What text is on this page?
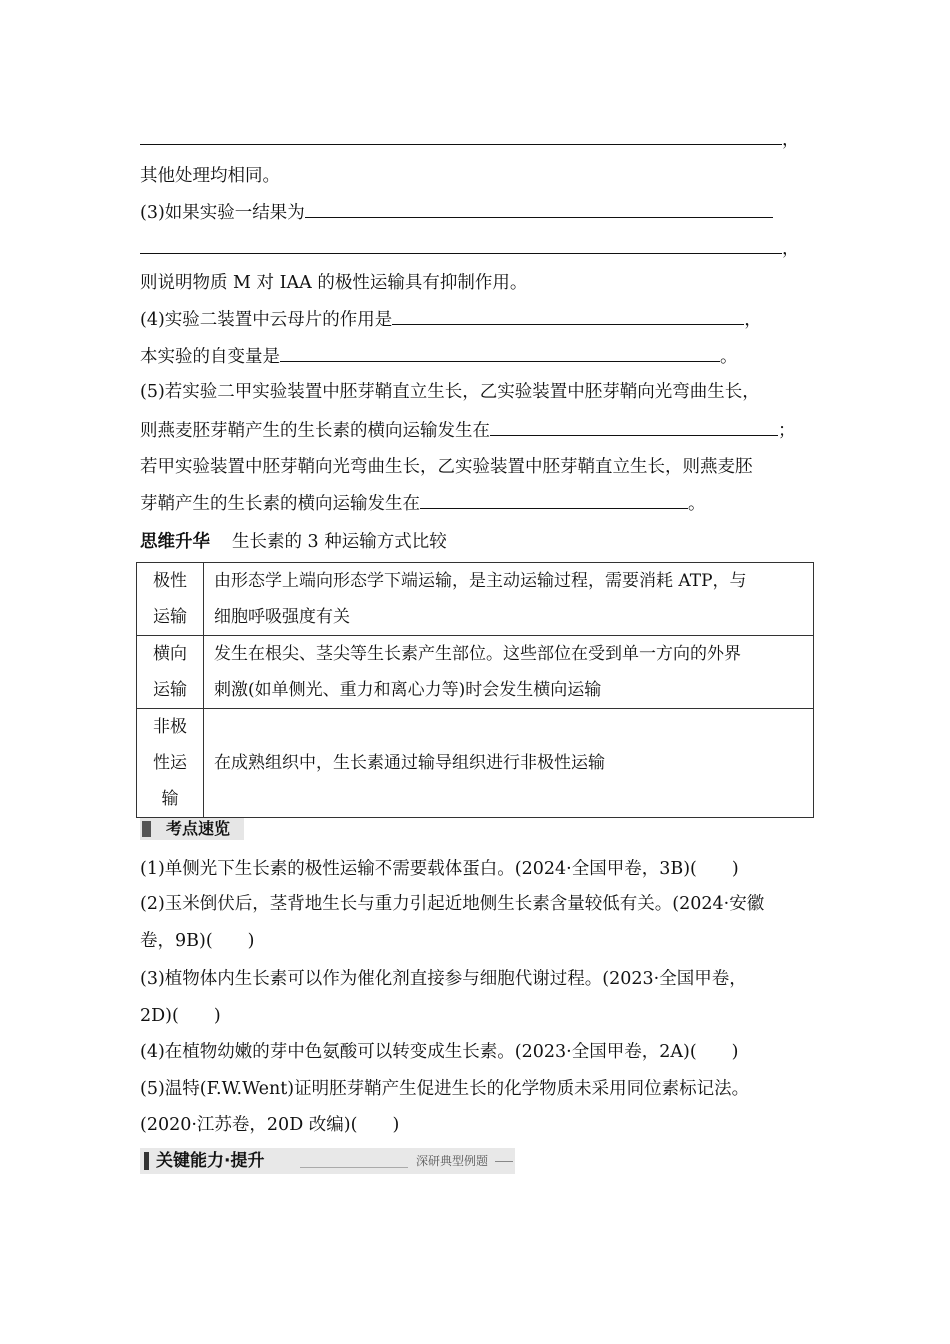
，
其他处理均相同。
(3)如果实验一结果为
，
则说明物质 M 对 IAA 的极性运输具有抑制作用。
(4)实验二装置中云母片的作用是	，
本实验的自变量是	。
(5)若实验二甲实验装置中胚芽鞘直立生长，乙实验装置中胚芽鞘向光弯曲生长，
则燕麦胚芽鞘产生的生长素的横向运输发生在	；
若甲实验装置中胚芽鞘向光弯曲生长，乙实验装置中胚芽鞘直立生长，则燕麦胚
芽鞘产生的生长素的横向运输发生在	。
思维升华 生长素的 3 种运输方式比较
极性
运输	由形态学上端向形态学下端运输，是主动运输过程，需要消耗 ATP，与
细胞呼吸强度有关
横向
运输	发生在根尖、茎尖等生长素产生部位。这些部位在受到单一方向的外界
刺激(如单侧光、重力和离心力等)时会发生横向运输
非极
性运
输	在成熟组织中，生长素通过输导组织进行非极性运输
考点速览
(1)单侧光下生长素的极性运输不需要载体蛋白。(2024·全国甲卷，3B)(　　)
(2)玉米倒伏后，茎背地生长与重力引起近地侧生长素含量较低有关。(2024·安徽
卷，9B)(　　)
(3)植物体内生长素可以作为催化剂直接参与细胞代谢过程。(2023·全国甲卷，
2D)(　　)
(4)在植物幼嫩的芽中色氨酸可以转变成生长素。(2023·全国甲卷，2A)(　　)
(5)温特(F.W.Went)证明胚芽鞘产生促进生长的化学物质未采用同位素标记法。
(2020·江苏卷，20D 改编)(　　)
关键能力·提升	深研典型例题
